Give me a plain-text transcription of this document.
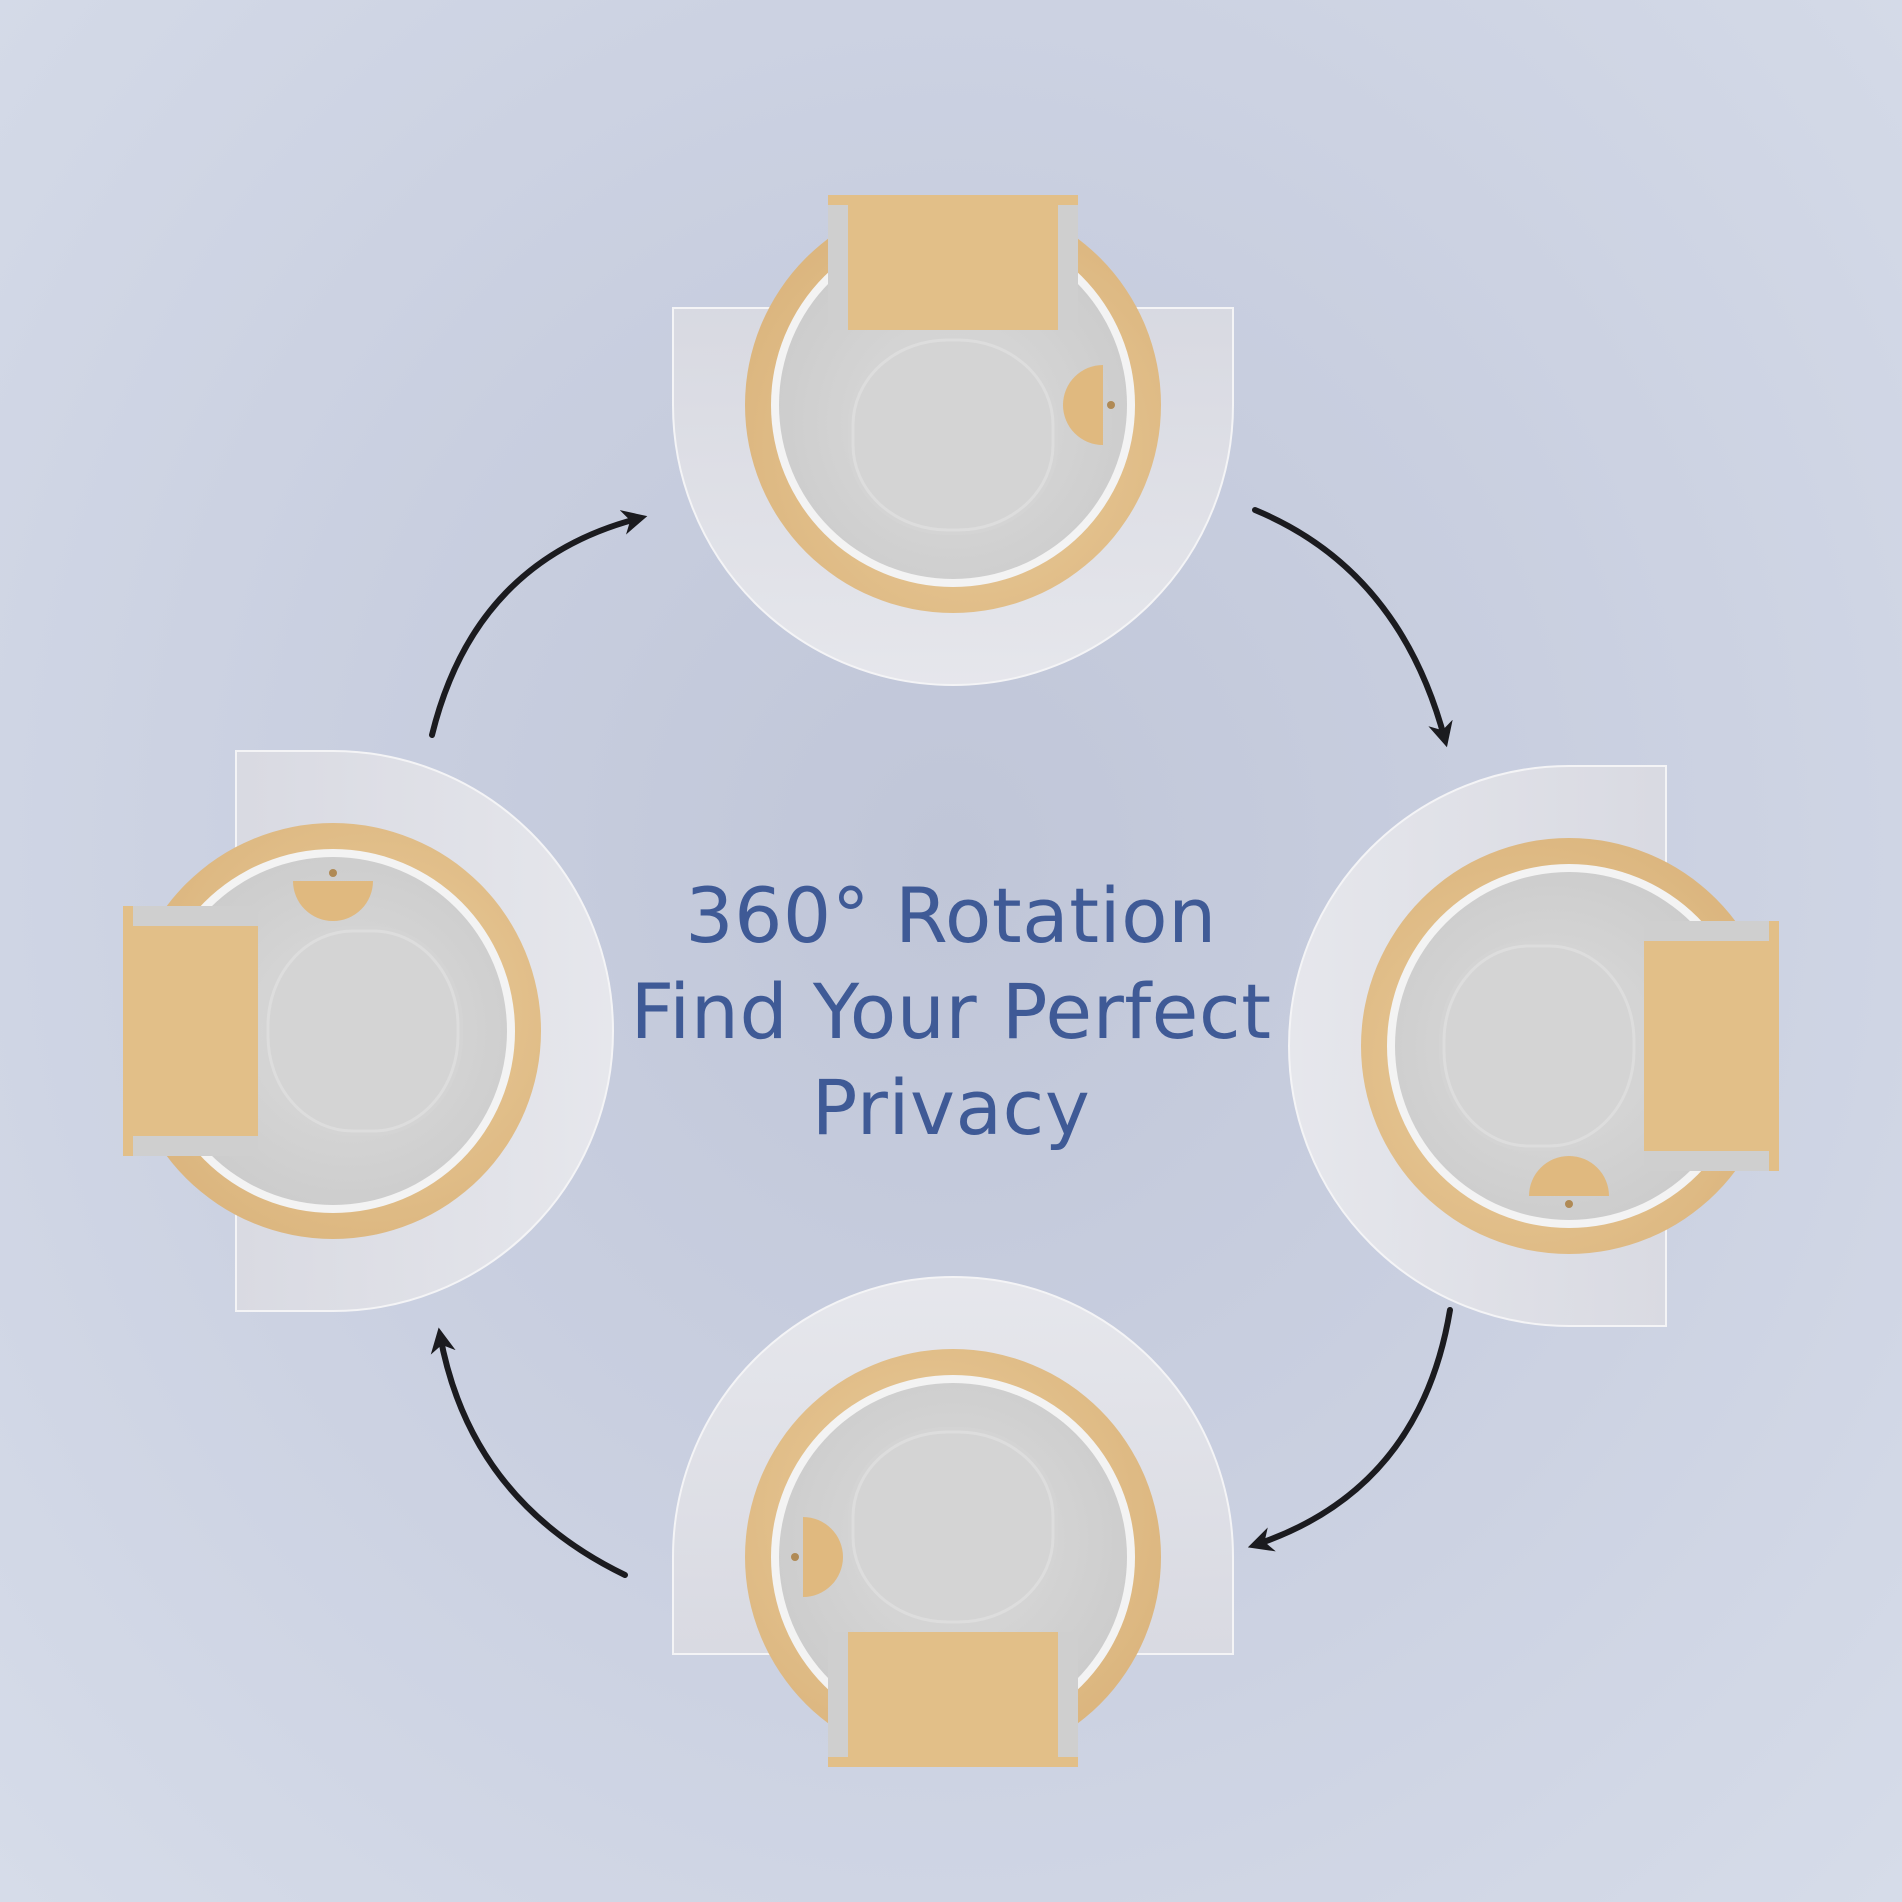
360° Rotation
Find Your Perfect
Privacy
